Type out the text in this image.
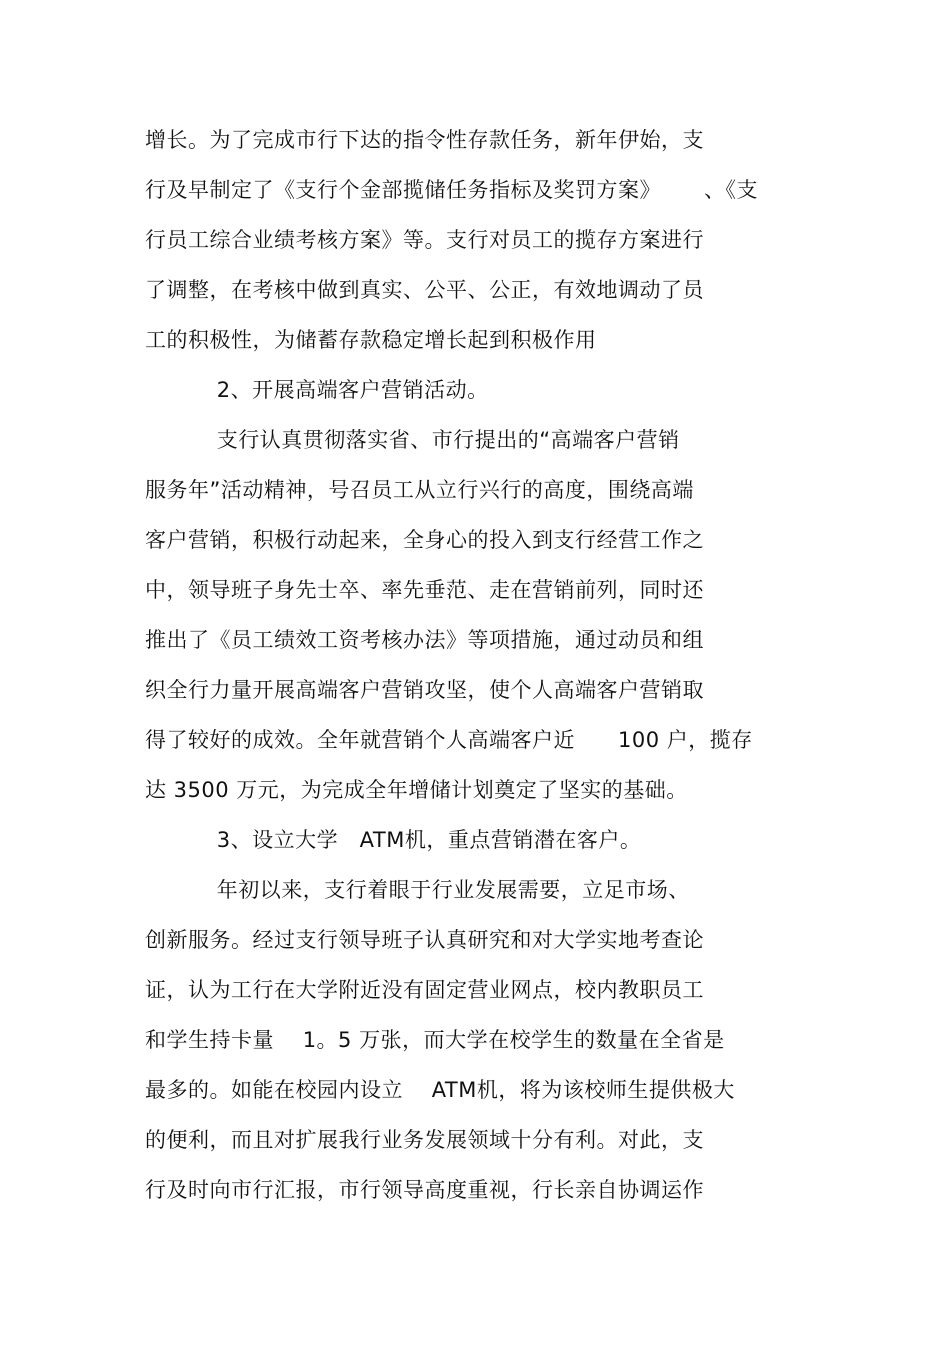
增长。为了完成市行下达的指令性存款任务，新年伊始，支
行及早制定了《支行个金部揽储任务指标及奖罚方案》      、《支
行员工综合业绩考核方案》等。支行对员工的揽存方案进行
了调整，在考核中做到真实、公平、公正，有效地调动了员
工的积极性，为储蓄存款稳定增长起到积极作用
2、开展高端客户营销活动。
支行认真贯彻落实省、市行提出的“高端客户营销
服务年”活动精神，号召员工从立行兴行的高度，围绕高端
客户营销，积极行动起来，全身心的投入到支行经营工作之
中，领导班子身先士卒、率先垂范、走在营销前列，同时还
推出了《员工绩效工资考核办法》等项措施，通过动员和组
织全行力量开展高端客户营销攻坚，使个人高端客户营销取
得了较好的成效。全年就营销个人高端客户近      100 户，揽存
达 3500 万元，为完成全年增储计划奠定了坚实的基础。
3、设立大学   ATM机，重点营销潜在客户。
年初以来，支行着眼于行业发展需要，立足市场、
创新服务。经过支行领导班子认真研究和对大学实地考查论
证，认为工行在大学附近没有固定营业网点，校内教职员工
和学生持卡量    1。5 万张，而大学在校学生的数量在全省是
最多的。如能在校园内设立    ATM机，将为该校师生提供极大
的便利，而且对扩展我行业务发展领域十分有利。对此，支
行及时向市行汇报，市行领导高度重视，行长亲自协调运作
